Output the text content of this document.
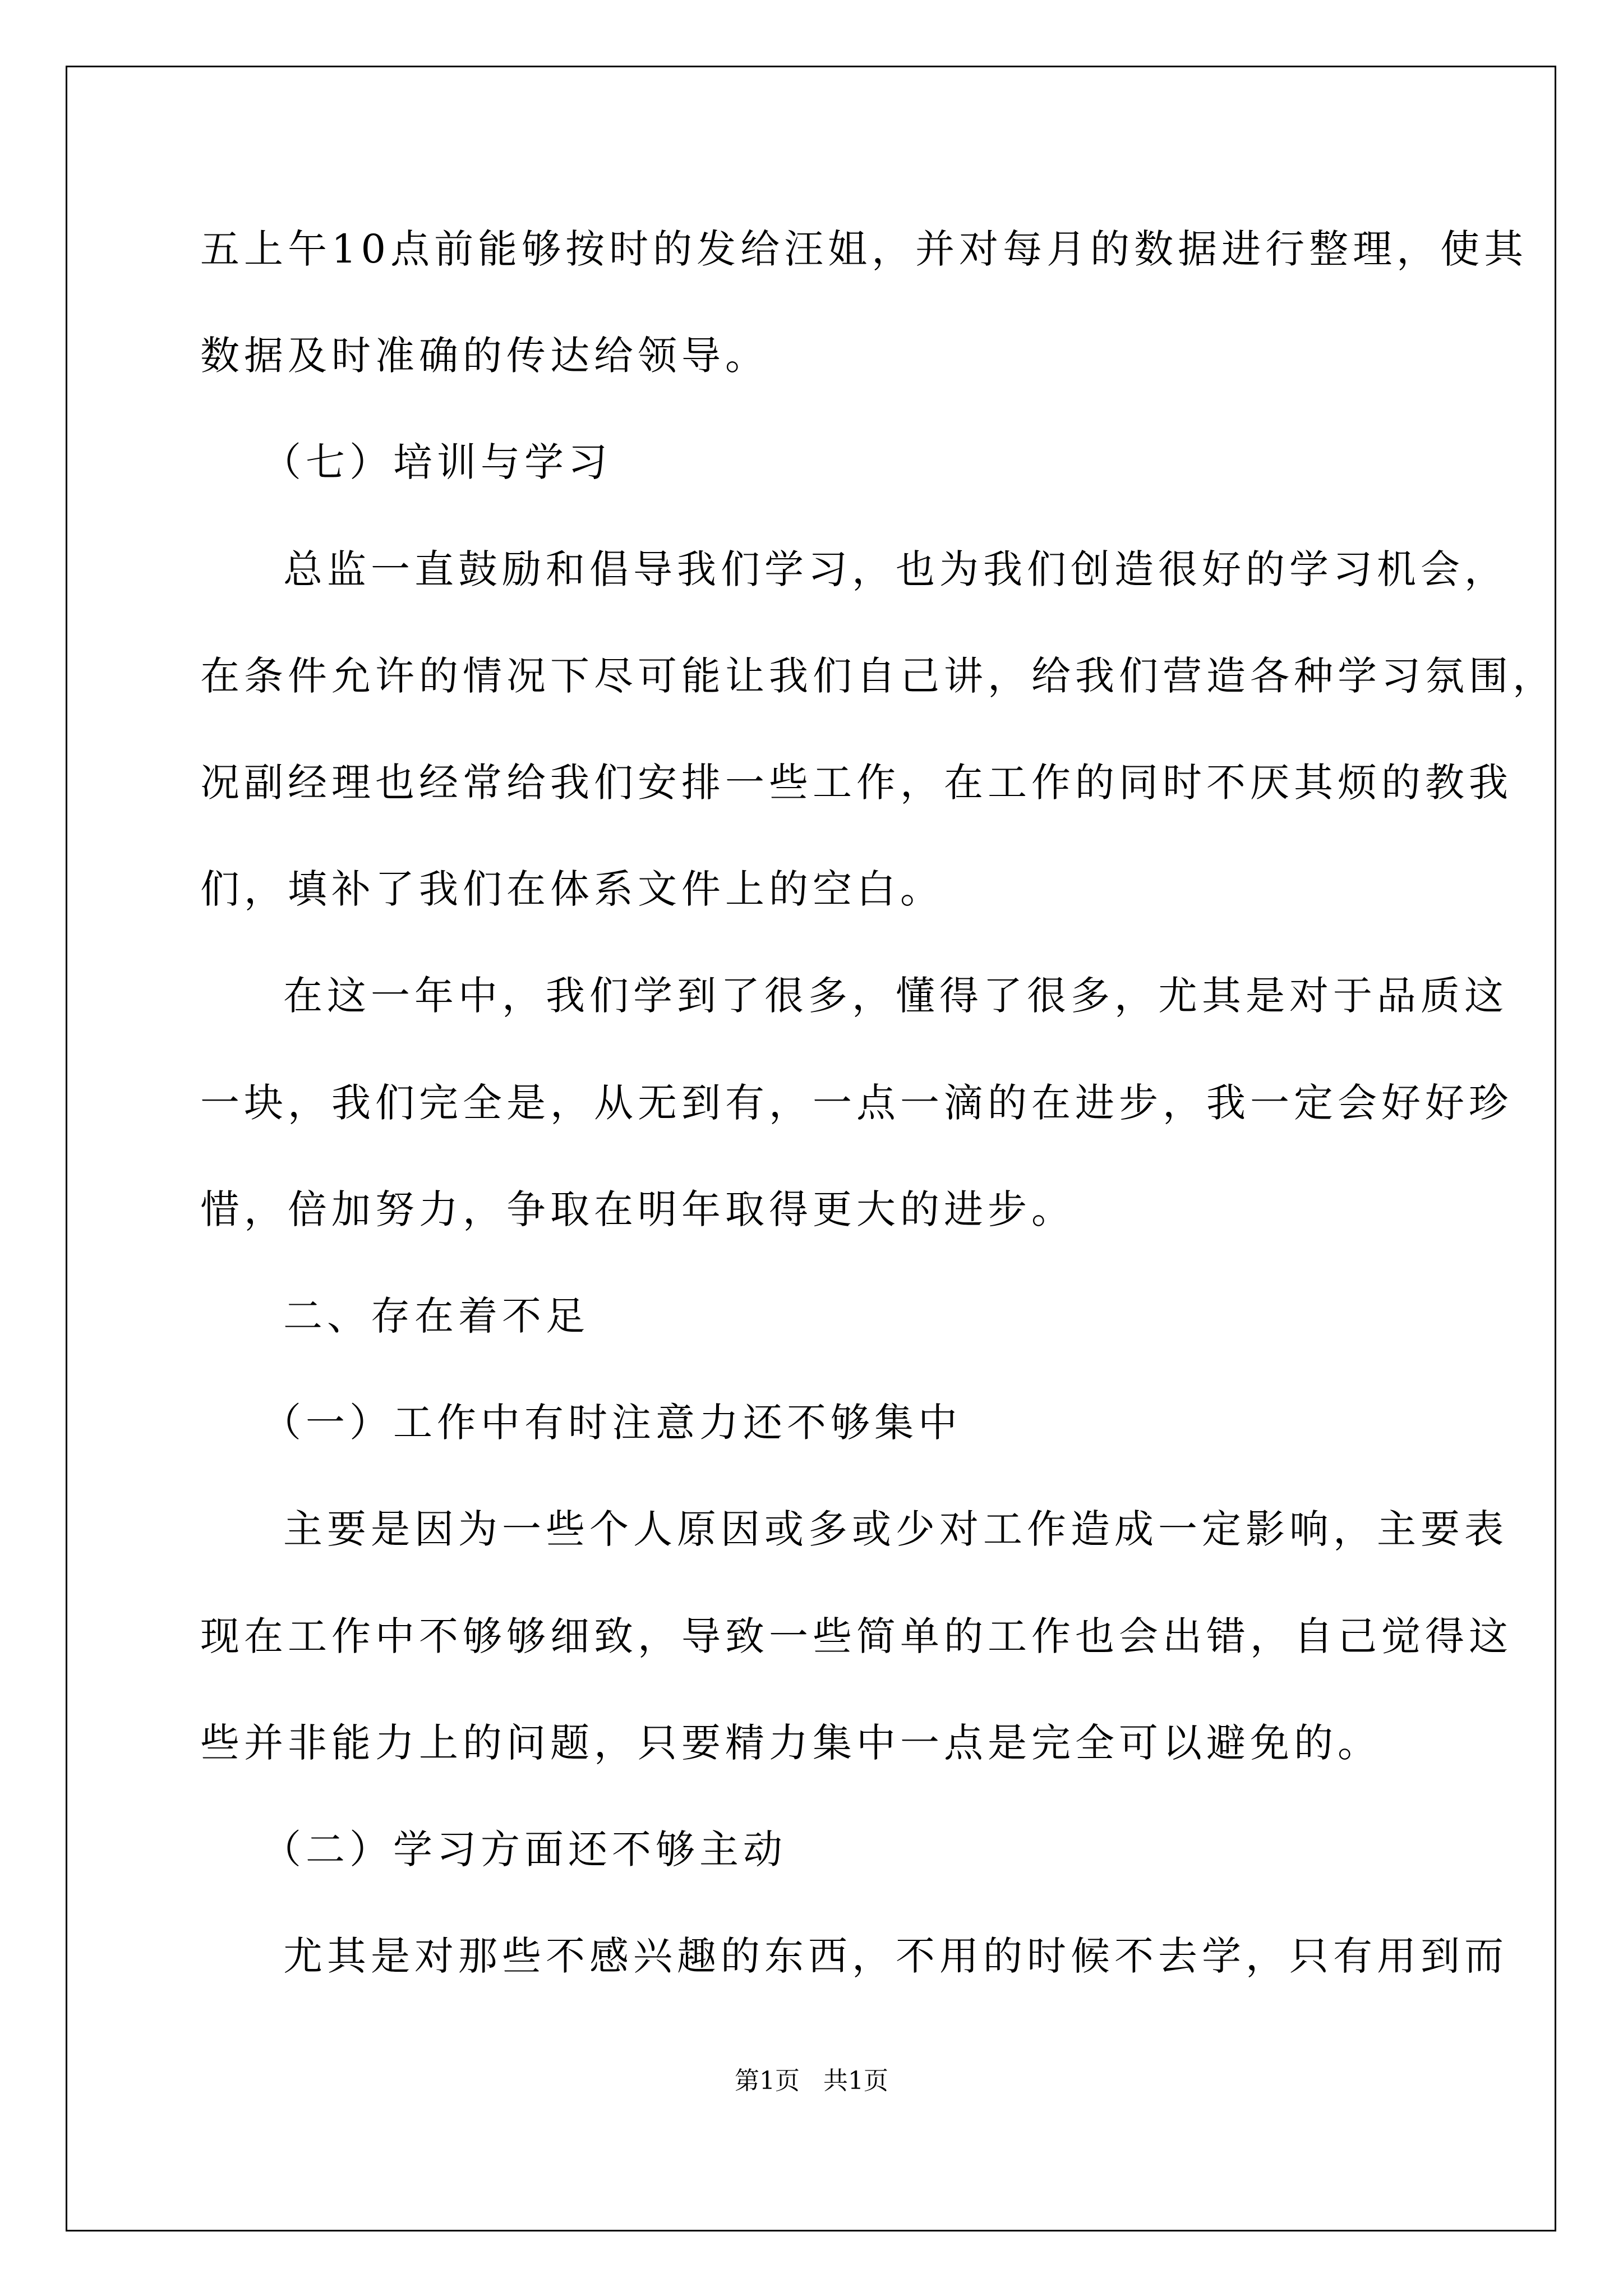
五上午10点前能够按时的发给汪姐，并对每月的数据进行整理，使其
数据及时准确的传达给领导。
（七）培训与学习
总监一直鼓励和倡导我们学习，也为我们创造很好的学习机会，
在条件允许的情况下尽可能让我们自己讲，给我们营造各种学习氛围，
况副经理也经常给我们安排一些工作，在工作的同时不厌其烦的教我
们，填补了我们在体系文件上的空白。
在这一年中，我们学到了很多，懂得了很多，尤其是对于品质这
一块，我们完全是，从无到有，一点一滴的在进步，我一定会好好珍
惜，倍加努力，争取在明年取得更大的进步。
二、存在着不足
（一）工作中有时注意力还不够集中
主要是因为一些个人原因或多或少对工作造成一定影响，主要表
现在工作中不够够细致，导致一些简单的工作也会出错，自己觉得这
些并非能力上的问题，只要精力集中一点是完全可以避免的。
（二）学习方面还不够主动
尤其是对那些不感兴趣的东西，不用的时候不去学，只有用到而
第1页   共1页
